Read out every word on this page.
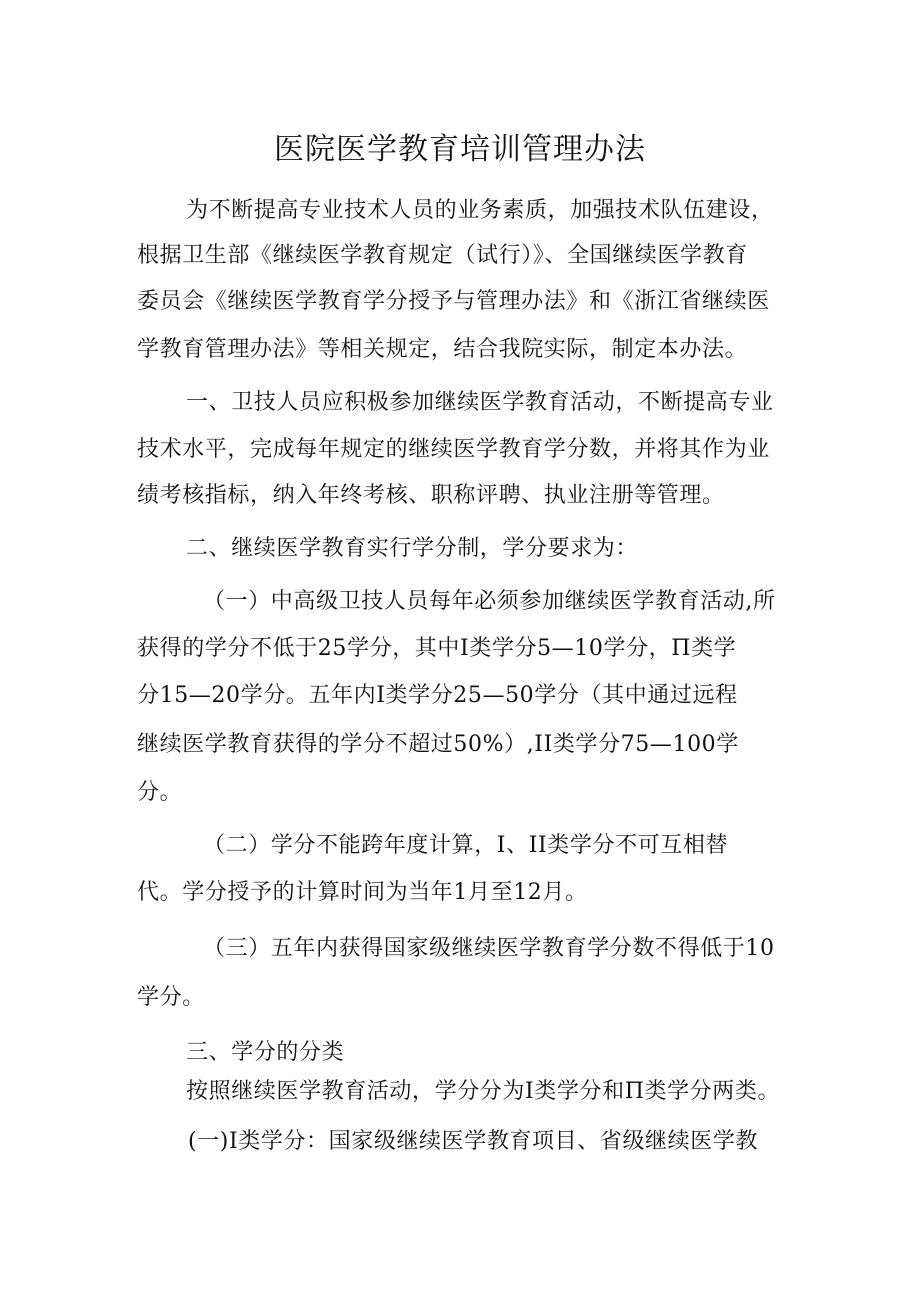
医院医学教育培训管理办法
为不断提高专业技术人员的业务素质，加强技术队伍建设，
根据卫生部《继续医学教育规定（试行）》、全国继续医学教育
委员会《继续医学教育学分授予与管理办法》和《浙江省继续医
学教育管理办法》等相关规定，结合我院实际，制定本办法。
一、卫技人员应积极参加继续医学教育活动，不断提高专业
技术水平，完成每年规定的继续医学教育学分数，并将其作为业
绩考核指标，纳入年终考核、职称评聘、执业注册等管理。
二、继续医学教育实行学分制，学分要求为：
（一）中高级卫技人员每年必须参加继续医学教育活动,所
获得的学分不低于25学分，其中I类学分5—10学分，Π类学
分15—20学分。五年内I类学分25—50学分（其中通过远程
继续医学教育获得的学分不超过50%）,II类学分75—100学
分。
（二）学分不能跨年度计算，I、II类学分不可互相替
代。学分授予的计算时间为当年1月至12月。
（三）五年内获得国家级继续医学教育学分数不得低于10
学分。
三、学分的分类
按照继续医学教育活动，学分分为I类学分和Π类学分两类。
(一)I类学分：国家级继续医学教育项目、省级继续医学教
